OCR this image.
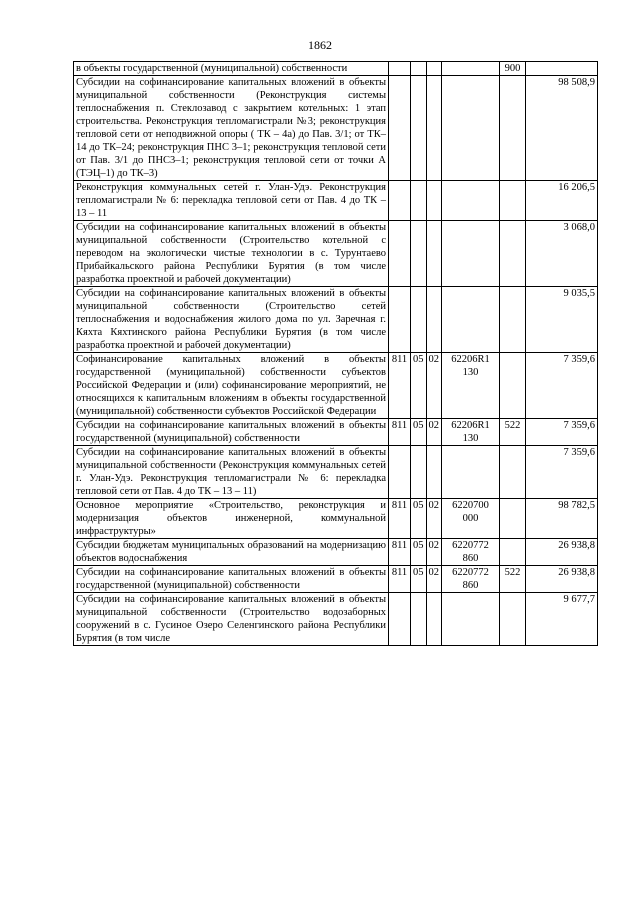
1862
в объекты государственной (муниципальной) собственности					900	
Субсидии на софинансирование капитальных вложений в объекты муниципальной собственности (Реконструкция системы теплоснабжения п. Стеклозавод с закрытием котельных: 1 этап строительства. Реконструкция тепломагистрали №3; реконструкция тепловой сети от неподвижной опоры ( ТК – 4а) до Пав. 3/1; от ТК–14 до ТК–24; реконструкция ПНС 3–1; реконструкция тепловой сети от Пав. 3/1 до ПНС3–1; реконструкция тепловой сети от точки А (ТЭЦ–1) до ТК–3)						98 508,9
Реконструкция коммунальных сетей г. Улан-Удэ. Реконструкция тепломагистрали № 6: перекладка тепловой сети от Пав. 4 до ТК – 13 – 11						16 206,5
Субсидии на софинансирование капитальных вложений в объекты муниципальной собственности (Строительство котельной с переводом на экологически чистые технологии в с. Турунтаево Прибайкальского района Республики Бурятия (в том числе разработка проектной и рабочей документации)						3 068,0
Субсидии на софинансирование капитальных вложений в объекты муниципальной собственности (Строительство сетей теплоснабжения и водоснабжения жилого дома по ул. Заречная г. Кяхта Кяхтинского района Республики Бурятия (в том числе разработка проектной и рабочей документации)						9 035,5
Софинансирование капитальных вложений в объекты государственной (муниципальной) собственности субъектов Российской Федерации и (или) софинансирование мероприятий, не относящихся к капитальным вложениям в объекты государственной (муниципальной) собственности субъектов Российской Федерации	811	05	02	62206R1 130		7 359,6
Субсидии на софинансирование капитальных вложений в объекты государственной (муниципальной) собственности	811	05	02	62206R1 130	522	7 359,6
Субсидии на софинансирование капитальных вложений в объекты муниципальной собственности (Реконструкция коммунальных сетей г. Улан-Удэ. Реконструкция тепломагистрали № 6: перекладка тепловой сети от Пав. 4 до ТК – 13 – 11)						7 359,6
Основное мероприятие «Строительство, реконструкция и модернизация объектов инженерной, коммунальной инфраструктуры»	811	05	02	6220700 000		98 782,5
Субсидии бюджетам муниципальных образований на модернизацию объектов водоснабжения	811	05	02	6220772 860		26 938,8
Субсидии на софинансирование капитальных вложений в объекты государственной (муниципальной) собственности	811	05	02	6220772 860	522	26 938,8
Субсидии на софинансирование капитальных вложений в объекты муниципальной собственности (Строительство водозаборных сооружений в с. Гусиное Озеро Селенгинского района Республики Бурятия (в том числе						9 677,7
